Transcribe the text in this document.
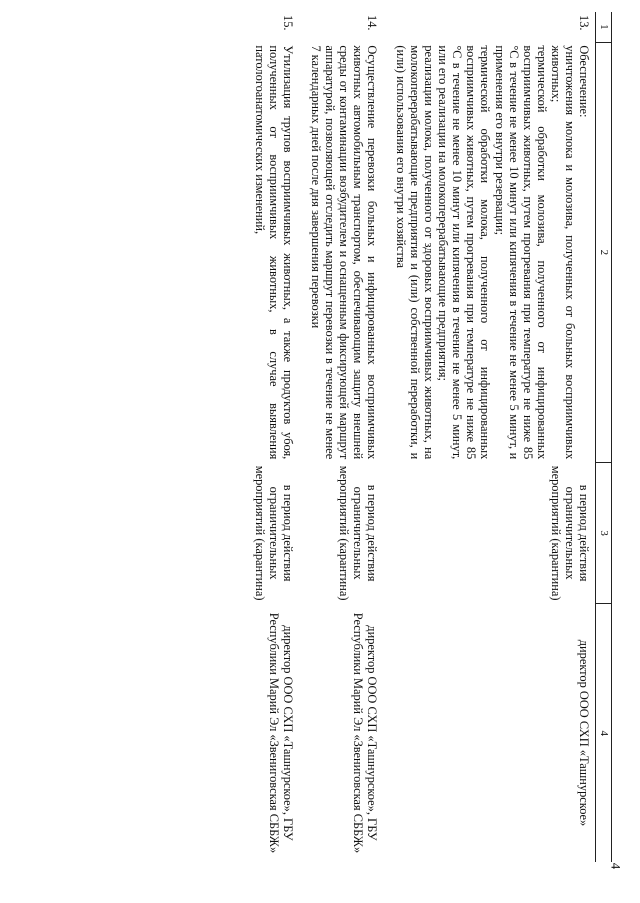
4
1	2	3	4
13.	Обеспечение:

уничтожения молока и молозива, полученных от больных восприимчивых животных;

термической обработки молозива, полученного от инфицированных восприимчивых животных, путем прогревания при температуре не ниже 85 °С в течение не менее 10 минут или кипячения в течение не менее 5 минут, и применения его внутри резервации;

термической обработки молока, полученного от инфицированных восприимчивых животных, путем прогревания при температуре не ниже 85 °С в течение не менее 10 минут или кипячения в течение не менее 5 минут, или его реализации на молокоперерабатывающие предприятия;

реализации молока, полученного от здоровых восприимчивых животных, на молокоперерабатывающие предприятия и (или) собственной переработки, и (или) использования его внутри хозяйства	в период действия ограничительных мероприятий (карантина)	директор ООО СХП «Ташнурское»
14.	Осуществление перевозки больных и инфицированных восприимчивых животных автомобильным транспортом, обеспечивающим защиту внешней среды от контаминации возбудителем и оснащенным фиксирующей маршрут аппаратурой, позволяющей отследить маршрут перевозки в течение не менее 7 календарных дней после дня завершения перевозки	в период действия ограничительных мероприятий (карантина)	директор ООО СХП «Ташнурское», ГБУ Республики Марий Эл «Звениговская СББЖ»
15.	Утилизация трупов восприимчивых животных, а также продуктов убоя, полученных от восприимчивых животных, в случае выявления патологоанатомических изменений,	в период действия ограничительных мероприятий (карантина)	директор ООО СХП «Ташнурское», ГБУ Республики Марий Эл «Звениговская СББЖ»
